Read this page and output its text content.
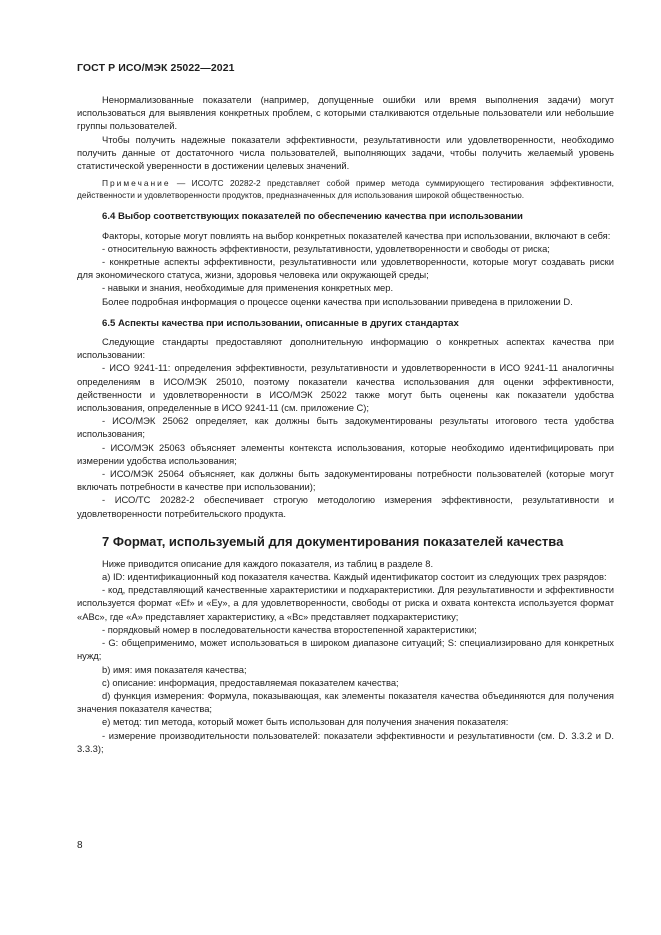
ГОСТ Р ИСО/МЭК 25022—2021

Ненормализованные показатели (например, допущенные ошибки или время выполнения задачи) могут использоваться для выявления конкретных проблем, с которыми сталкиваются отдельные пользователи или небольшие группы пользователей.

Чтобы получить надежные показатели эффективности, результативности или удовлетворенности, необходимо получить данные от достаточного числа пользователей, выполняющих задачи, чтобы получить желаемый уровень статистической уверенности в достижении целевых значений.

Примечание — ИСО/ТС 20282-2 представляет собой пример метода суммирующего тестирования эффективности, действенности и удовлетворенности продуктов, предназначенных для использования широкой общественностью.

6.4 Выбор соответствующих показателей по обеспечению качества при использовании

Факторы, которые могут повлиять на выбор конкретных показателей качества при использовании, включают в себя:

- относительную важность эффективности, результативности, удовлетворенности и свободы от риска;

- конкретные аспекты эффективности, результативности или удовлетворенности, которые могут создавать риски для экономического статуса, жизни, здоровья человека или окружающей среды;

- навыки и знания, необходимые для применения конкретных мер.

Более подробная информация о процессе оценки качества при использовании приведена в приложении D.

6.5 Аспекты качества при использовании, описанные в других стандартах

Следующие стандарты предоставляют дополнительную информацию о конкретных аспектах качества при использовании:

- ИСО 9241-11: определения эффективности, результативности и удовлетворенности в ИСО 9241-11 аналогичны определениям в ИСО/МЭК 25010, поэтому показатели качества использования для оценки эффективности, действенности и удовлетворенности в ИСО/МЭК 25022 также могут быть оценены как показатели удобства использования, определенные в ИСО 9241-11 (см. приложение С);

- ИСО/МЭК 25062 определяет, как должны быть задокументированы результаты итогового теста удобства использования;

- ИСО/МЭК 25063 объясняет элементы контекста использования, которые необходимо идентифицировать при измерении удобства использования;

- ИСО/МЭК 25064 объясняет, как должны быть задокументированы потребности пользователей (которые могут включать потребности в качестве при использовании);

- ИСО/ТС 20282-2 обеспечивает строгую методологию измерения эффективности, результативности и удовлетворенности потребительского продукта.

7 Формат, используемый для документирования показателей качества

Ниже приводится описание для каждого показателя, из таблиц в разделе 8.

a) ID: идентификационный код показателя качества. Каждый идентификатор состоит из следующих трех разрядов:

- код, представляющий качественные характеристики и подхарактеристики. Для результативности и эффективности используется формат «Ef» и «Ey», а для удовлетворенности, свободы от риска и охвата контекста используется формат «ABc», где «A» представляет характеристику, а «Bc» представляет подхарактеристику;

- порядковый номер в последовательности качества второстепенной характеристики;

- G: общеприменимо, может использоваться в широком диапазоне ситуаций; S: специализировано для конкретных нужд;

b) имя: имя показателя качества;

c) описание: информация, предоставляемая показателем качества;

d) функция измерения: Формула, показывающая, как элементы показателя качества объединяются для получения значения показателя качества;

e) метод: тип метода, который может быть использован для получения значения показателя:

- измерение производительности пользователей: показатели эффективности и результативности (см. D. 3.3.2 и D. 3.3.3);

8
